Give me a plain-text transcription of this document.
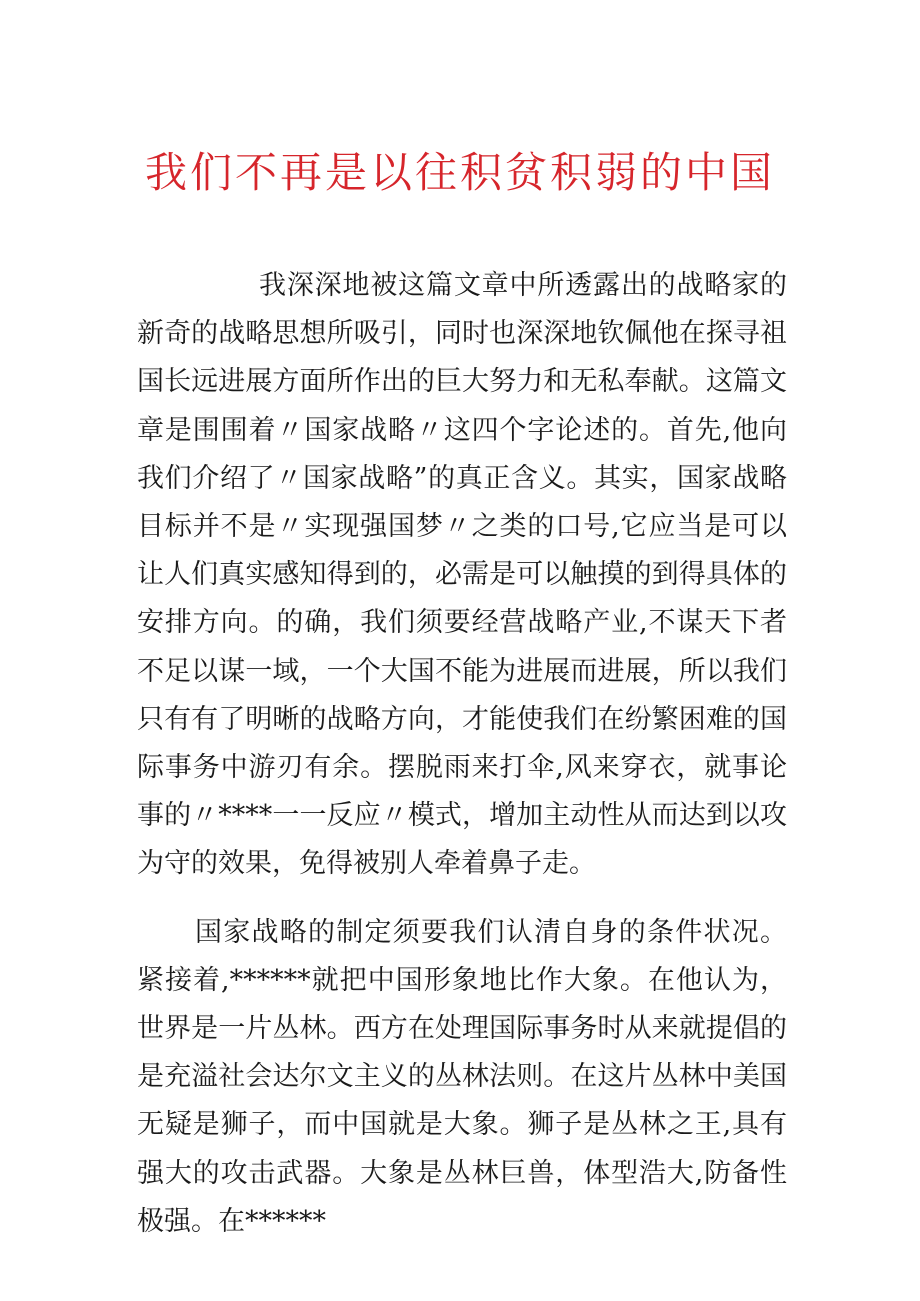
我们不再是以往积贫积弱的中国

我深深地被这篇文章中所透露出的战略家的新奇的战略思想所吸引，同时也深深地钦佩他在探寻祖国长远进展方面所作出的巨大努力和无私奉献。这篇文章是围围着〃国家战略〃这四个字论述的。首先,他向我们介绍了〃国家战略”的真正含义。其实，国家战略目标并不是〃实现强国梦〃之类的口号,它应当是可以让人们真实感知得到的，必需是可以触摸的到得具体的安排方向。的确，我们须要经营战略产业,不谋天下者不足以谋一域，一个大国不能为进展而进展，所以我们只有有了明晰的战略方向，才能使我们在纷繁困难的国际事务中游刃有余。摆脱雨来打伞,风来穿衣，就事论事的〃****一一反应〃模式，增加主动性从而达到以攻为守的效果，免得被别人牵着鼻子走。

国家战略的制定须要我们认清自身的条件状况。紧接着,******就把中国形象地比作大象。在他认为，世界是一片丛林。西方在处理国际事务时从来就提倡的是充溢社会达尔文主义的丛林法则。在这片丛林中美国无疑是狮子，而中国就是大象。狮子是丛林之王,具有强大的攻击武器。大象是丛林巨兽，体型浩大,防备性极强。在******
